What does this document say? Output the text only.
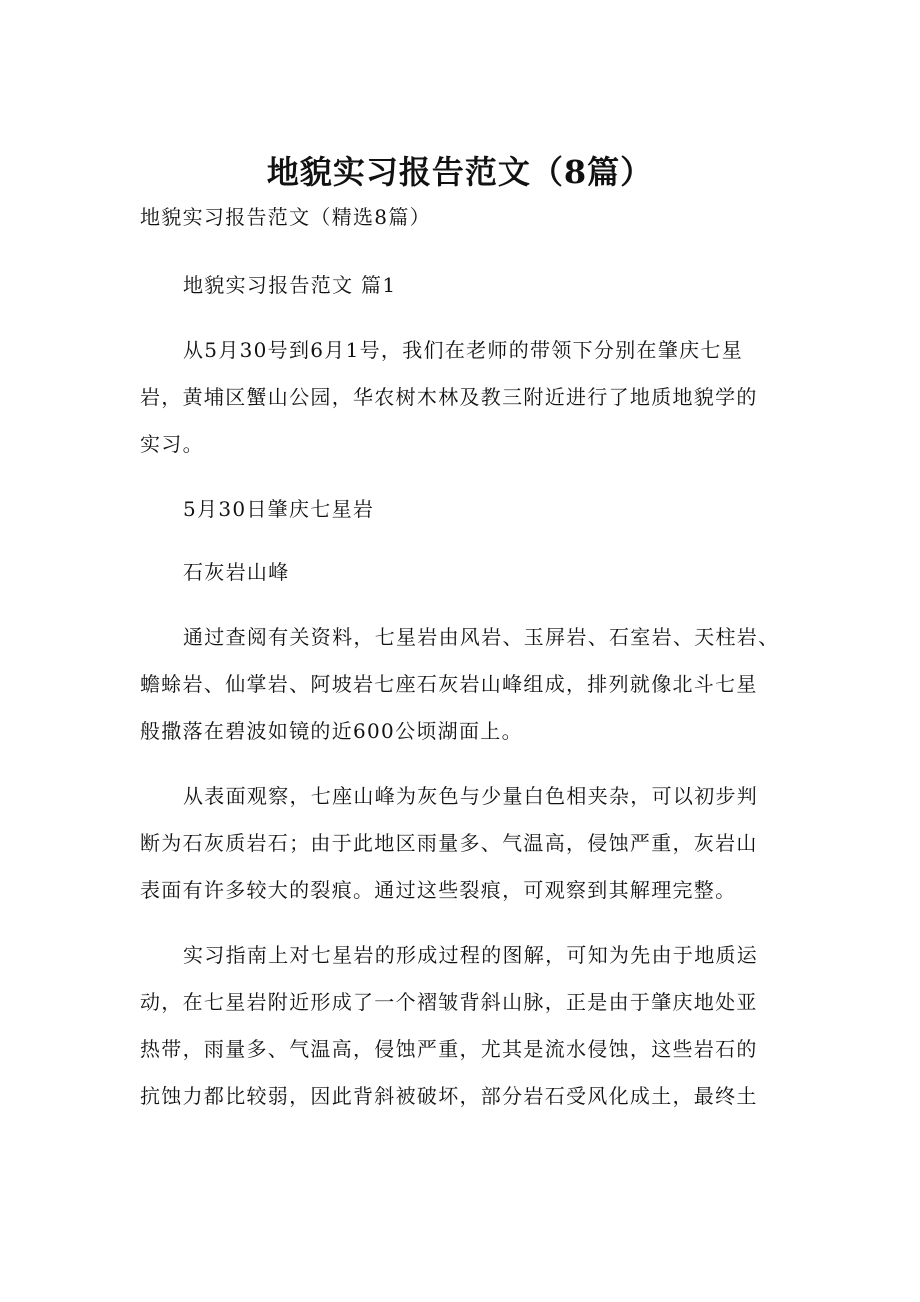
地貌实习报告范文（8篇）

地貌实习报告范文（精选8篇）

地貌实习报告范文 篇1

从5月30号到6月1号，我们在老师的带领下分别在肇庆七星

岩，黄埔区蟹山公园，华农树木林及教三附近进行了地质地貌学的

实习。

5月30日肇庆七星岩

石灰岩山峰

通过查阅有关资料，七星岩由风岩、玉屏岩、石室岩、天柱岩、

蟾蜍岩、仙掌岩、阿坡岩七座石灰岩山峰组成，排列就像北斗七星

般撒落在碧波如镜的近600公顷湖面上。

从表面观察，七座山峰为灰色与少量白色相夹杂，可以初步判

断为石灰质岩石；由于此地区雨量多、气温高，侵蚀严重，灰岩山

表面有许多较大的裂痕。通过这些裂痕，可观察到其解理完整。

实习指南上对七星岩的形成过程的图解，可知为先由于地质运

动，在七星岩附近形成了一个褶皱背斜山脉，正是由于肇庆地处亚

热带，雨量多、气温高，侵蚀严重，尤其是流水侵蚀，这些岩石的

抗蚀力都比较弱，因此背斜被破坏，部分岩石受风化成土，最终土
